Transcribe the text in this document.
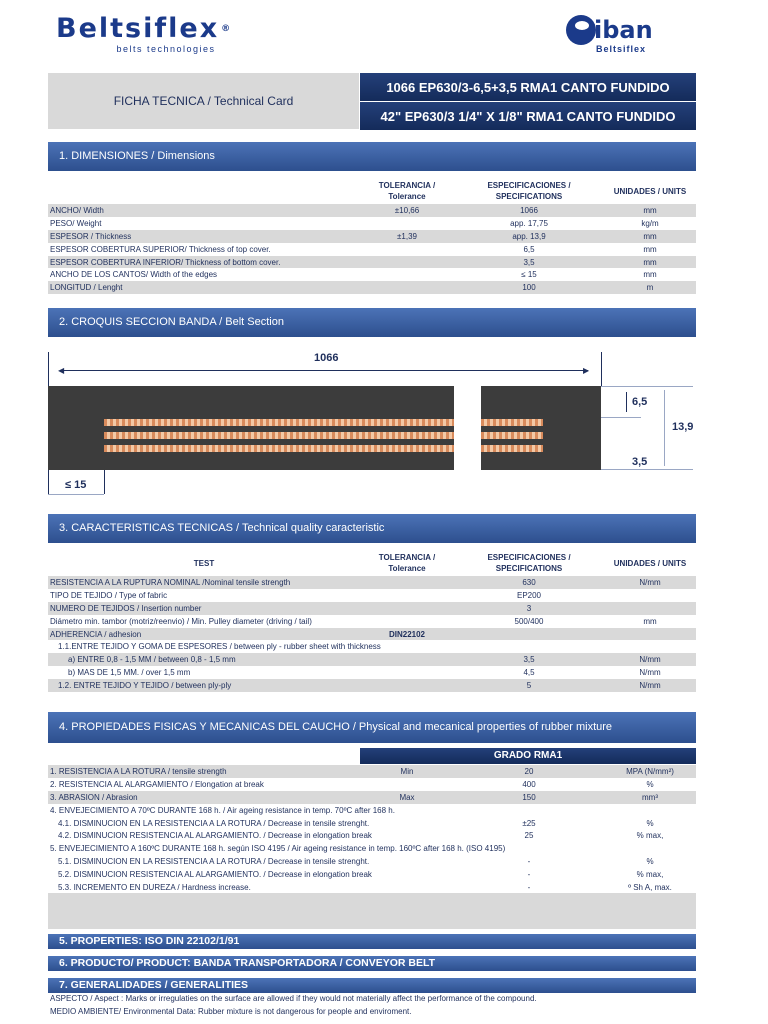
Beltsiflex ®
belts technologies
iban
Beltsiflex
FICHA TECNICA / Technical Card
1066 EP630/3-6,5+3,5 RMA1 CANTO FUNDIDO
42" EP630/3 1/4" X 1/8" RMA1 CANTO FUNDIDO
1. DIMENSIONES / Dimensions
	TOLERANCIA / Tolerance	ESPECIFICACIONES / SPECIFICATIONS	UNIDADES / UNITS
ANCHO/ Width	±10,66	1066	mm
PESO/ Weight		app. 17,75	kg/m
ESPESOR / Thickness	±1,39	app. 13,9	mm
ESPESOR COBERTURA SUPERIOR/ Thickness of top cover.		6,5	mm
ESPESOR COBERTURA INFERIOR/ Thickness of bottom cover.		3,5	mm
ANCHO DE LOS CANTOS/ Width of the edges		≤ 15	mm
LONGITUD / Lenght		100	m
2. CROQUIS SECCION BANDA / Belt Section
◀	▶
1066
6,5
13,9
3,5
≤ 15
3. CARACTERISTICAS TECNICAS / Technical quality caracteristic
TEST	TOLERANCIA / Tolerance	ESPECIFICACIONES / SPECIFICATIONS	UNIDADES / UNITS
RESISTENCIA A LA RUPTURA NOMINAL /Nominal tensile strength		630	N/mm
TIPO DE TEJIDO / Type of fabric		EP200	
NUMERO DE TEJIDOS / Insertion number		3	
Diámetro min. tambor (motriz/reenvio) / Min. Pulley diameter (driving / tail)		500/400	mm
ADHERENCIA / adhesion	DIN22102		
1.1.ENTRE TEJIDO Y GOMA DE ESPESORES / between ply - rubber sheet with thickness			
a) ENTRE 0,8 - 1,5 MM / between 0,8 - 1,5 mm		3,5	N/mm
b) MAS DE 1,5 MM. / over 1,5 mm		4,5	N/mm
1.2. ENTRE TEJIDO Y TEJIDO / between ply-ply		5	N/mm
4. PROPIEDADES FISICAS Y MECANICAS DEL CAUCHO / Physical and mecanical properties of rubber mixture
GRADO RMA1
1. RESISTENCIA A LA ROTURA / tensile strength	Min	20	MPA (N/mm²)
2. RESISTENCIA AL ALARGAMIENTO / Elongation at break		400	%
3. ABRASION / Abrasion	Max	150	mm³
4. ENVEJECIMIENTO A 70ºC DURANTE 168 h. / Air ageing resistance in temp. 70ºC after 168 h.			
4.1. DISMINUCION EN LA RESISTENCIA A LA ROTURA / Decrease in tensile strenght.		±25	%
4.2. DISMINUCION RESISTENCIA AL ALARGAMIENTO. / Decrease in elongation break		25	% max,
5. ENVEJECIMIENTO A 160ºC DURANTE 168 h. según ISO 4195 / Air ageing resistance in temp. 160ºC after 168 h. (ISO 4195)			
5.1. DISMINUCION EN LA RESISTENCIA A LA ROTURA / Decrease in tensile strenght.		-	%
5.2. DISMINUCION RESISTENCIA AL ALARGAMIENTO. / Decrease in elongation break		-	% max,
5.3. INCREMENTO EN DUREZA / Hardness increase.		-	º Sh A, max.
5. PROPERTIES: ISO DIN 22102/1/91
6. PRODUCTO/ PRODUCT: BANDA TRANSPORTADORA / CONVEYOR BELT
7. GENERALIDADES / GENERALITIES
ASPECTO / Aspect : Marks or irregulaties on the surface are allowed if they would not materially affect the performance of the compound.
MEDIO AMBIENTE/ Environmental Data: Rubber mixture is not dangerous for people and enviroment.
